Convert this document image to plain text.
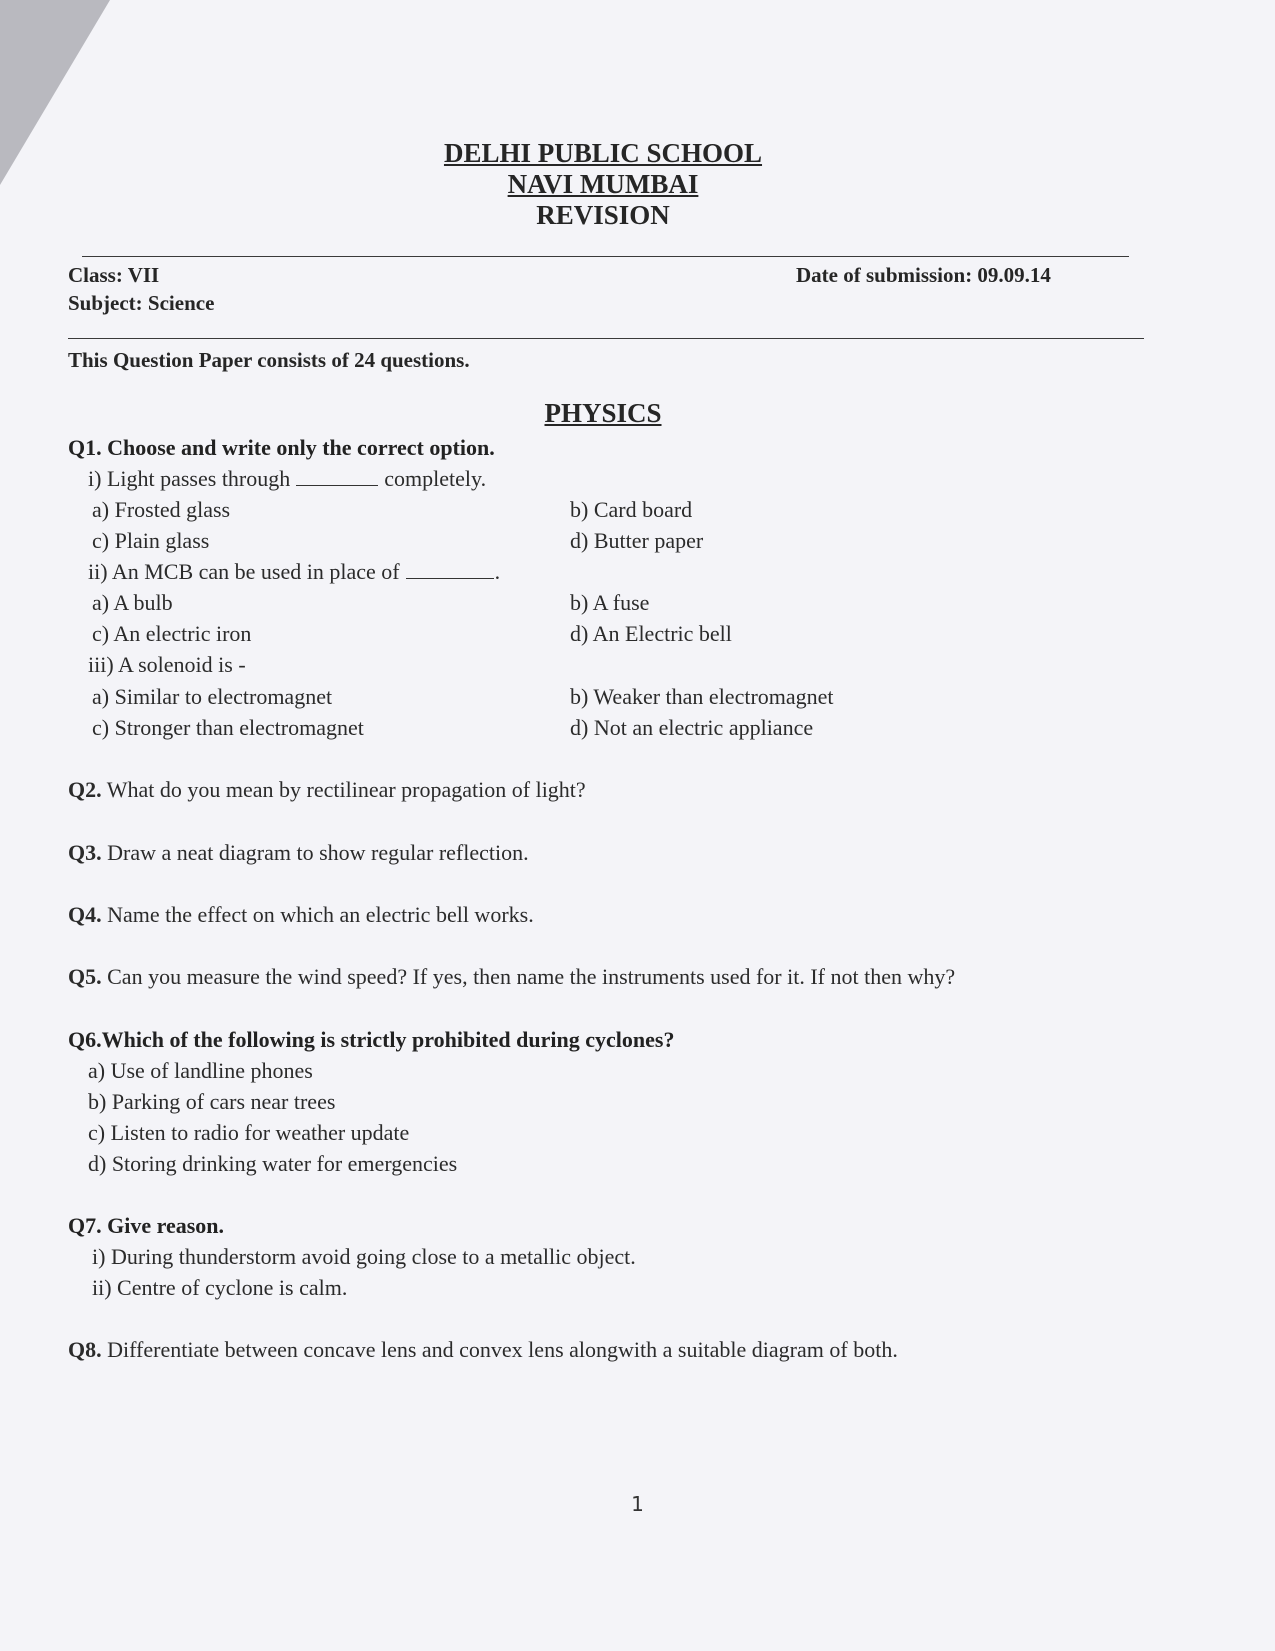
DELHI PUBLIC SCHOOL
NAVI MUMBAI
REVISION
Class: VII
Subject: Science
Date of submission: 09.09.14
This Question Paper consists of 24 questions.
PHYSICS
Q1. Choose and write only the correct option.
i) Light passes through	completely.
a) Frosted glass	b) Card board
c) Plain glass	d) Butter paper
ii) An MCB can be used in place of	.
a) A bulb	b) A fuse
c) An electric iron	d) An Electric bell
iii) A solenoid is -
a) Similar to electromagnet	b) Weaker than electromagnet
c) Stronger than electromagnet	d) Not an electric appliance
Q2. What do you mean by rectilinear propagation of light?
Q3. Draw a neat diagram to show regular reflection.
Q4. Name the effect on which an electric bell works.
Q5. Can you measure the wind speed? If yes, then name the instruments used for it. If not then why?
Q6.Which of the following is strictly prohibited during cyclones?
a) Use of landline phones
b) Parking of cars near trees
c) Listen to radio for weather update
d) Storing drinking water for emergencies
Q7. Give reason.
i) During thunderstorm avoid going close to a metallic object.
ii) Centre of cyclone is calm.
Q8. Differentiate between concave lens and convex lens alongwith a suitable diagram of both.
1
